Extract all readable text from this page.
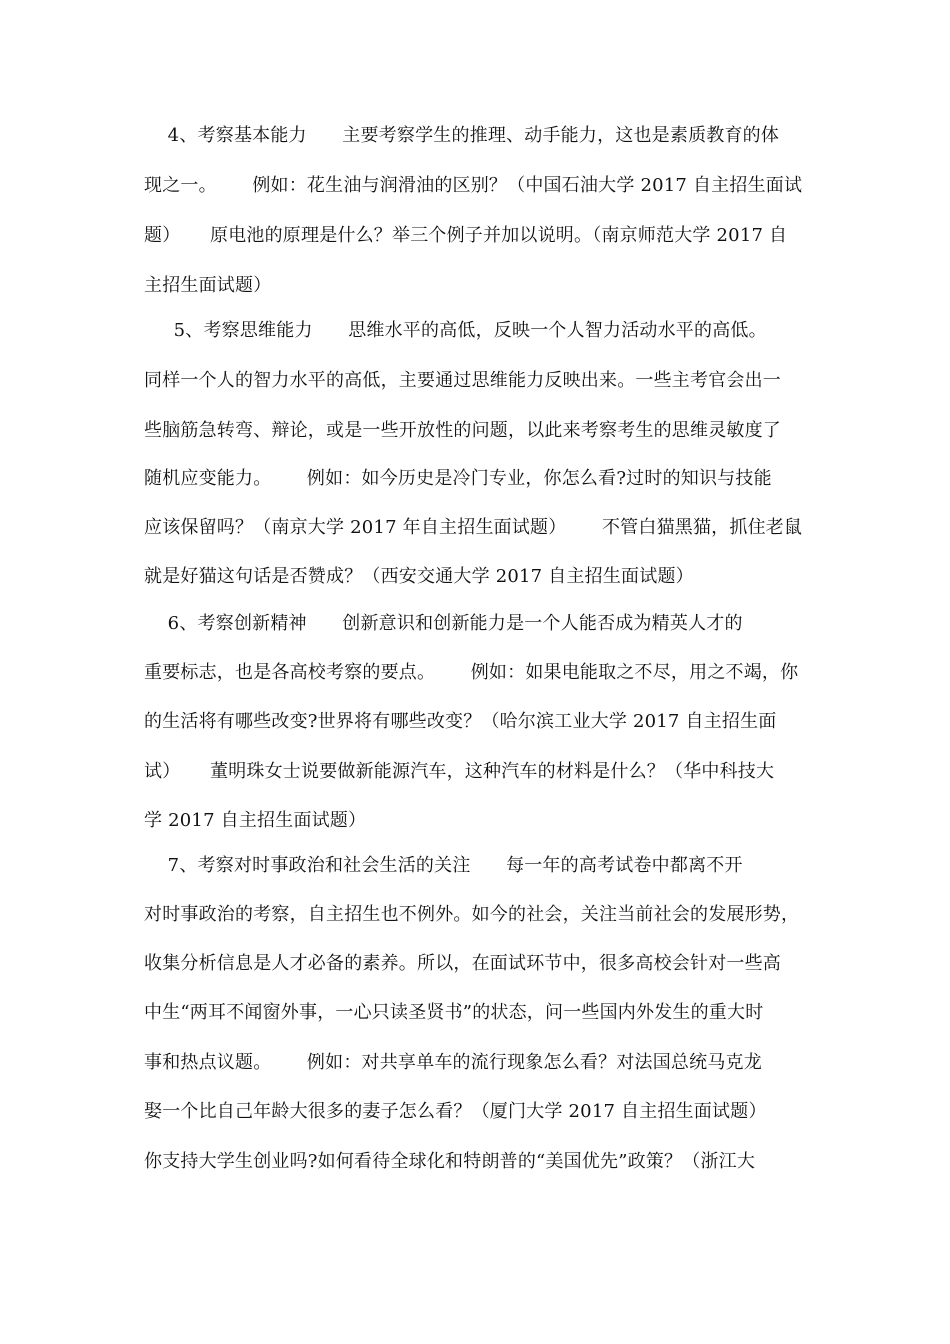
4、考察基本能力      主要考察学生的推理、动手能力，这也是素质教育的体
现之一。      例如：花生油与润滑油的区别？（中国石油大学 2017 自主招生面试
题）     原电池的原理是什么？举三个例子并加以说明。（南京师范大学 2017 自
主招生面试题）
5、考察思维能力      思维水平的高低，反映一个人智力活动水平的高低。
同样一个人的智力水平的高低，主要通过思维能力反映出来。一些主考官会出一
些脑筋急转弯、辩论，或是一些开放性的问题，以此来考察考生的思维灵敏度了
随机应变能力。      例如：如今历史是冷门专业，你怎么看?过时的知识与技能
应该保留吗？（南京大学 2017 年自主招生面试题）      不管白猫黑猫，抓住老鼠
就是好猫这句话是否赞成？（西安交通大学 2017 自主招生面试题）
6、考察创新精神      创新意识和创新能力是一个人能否成为精英人才的
重要标志，也是各高校考察的要点。      例如：如果电能取之不尽，用之不竭，你
的生活将有哪些改变?世界将有哪些改变？（哈尔滨工业大学 2017 自主招生面
试）     董明珠女士说要做新能源汽车，这种汽车的材料是什么？（华中科技大
学 2017 自主招生面试题）
7、考察对时事政治和社会生活的关注      每一年的高考试卷中都离不开
对时事政治的考察，自主招生也不例外。如今的社会，关注当前社会的发展形势，
收集分析信息是人才必备的素养。所以，在面试环节中，很多高校会针对一些高
中生“两耳不闻窗外事，一心只读圣贤书”的状态，问一些国内外发生的重大时
事和热点议题。      例如：对共享单车的流行现象怎么看？对法国总统马克龙
娶一个比自己年龄大很多的妻子怎么看？（厦门大学 2017 自主招生面试题）
你支持大学生创业吗?如何看待全球化和特朗普的“美国优先”政策？（浙江大
